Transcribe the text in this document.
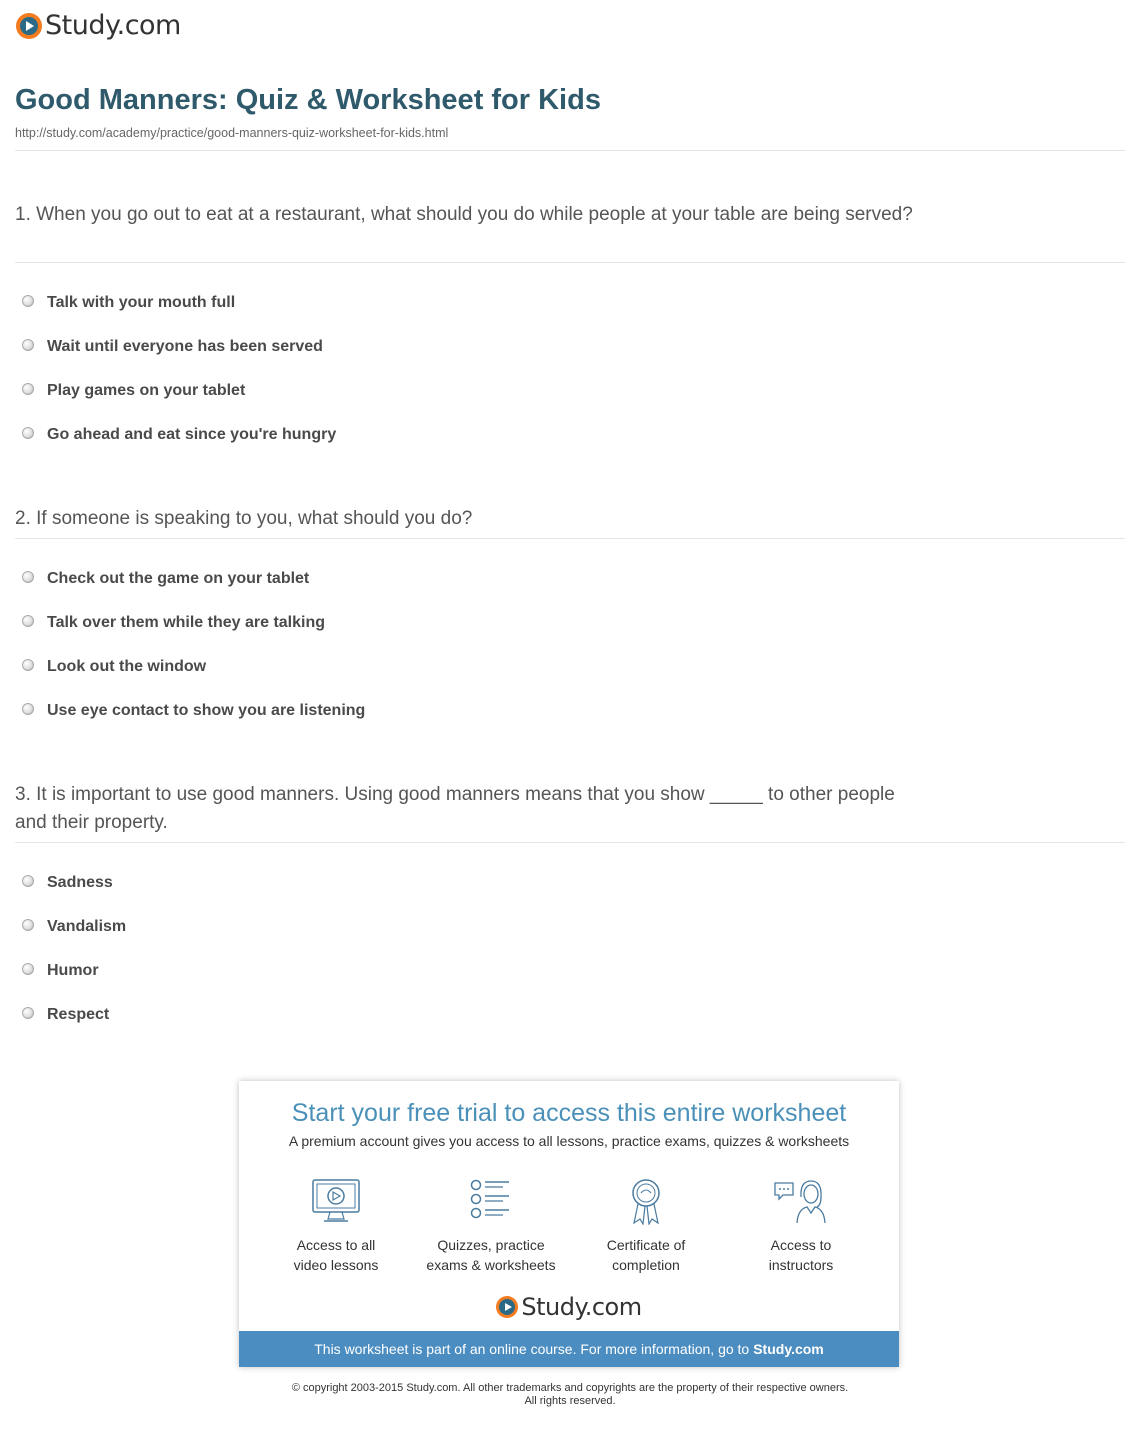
Study.com
Good Manners: Quiz & Worksheet for Kids
http://study.com/academy/practice/good-manners-quiz-worksheet-for-kids.html
1. When you go out to eat at a restaurant, what should you do while people at your table are being served?
Talk with your mouth full
Wait until everyone has been served
Play games on your tablet
Go ahead and eat since you're hungry
2. If someone is speaking to you, what should you do?
Check out the game on your tablet
Talk over them while they are talking
Look out the window
Use eye contact to show you are listening
3. It is important to use good manners. Using good manners means that you show _____ to other people and their property.
Sadness
Vandalism
Humor
Respect
Start your free trial to access this entire worksheet
A premium account gives you access to all lessons, practice exams, quizzes & worksheets
Access to all
video lessons
Quizzes, practice
exams & worksheets
Certificate of
completion
Access to
instructors
Study.com
This worksheet is part of an online course. For more information, go to Study.com
© copyright 2003-2015 Study.com. All other trademarks and copyrights are the property of their respective owners.
All rights reserved.
